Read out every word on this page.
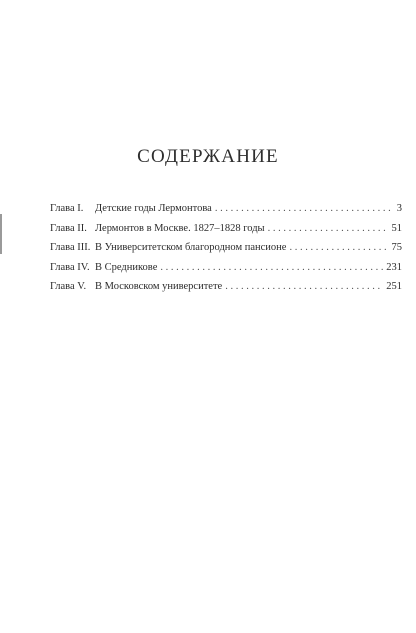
СОДЕРЖАНИЕ
Глава I.	Детские годы Лермонтова . . .	3
Глава II. Лермонтов в Москве. 1827–1828 годы . . .	51
Глава III. В Университетском благородном пансионе . . .	75
Глава IV. В Средникове . . .	231
Глава V. В Московском университете . . .	251
